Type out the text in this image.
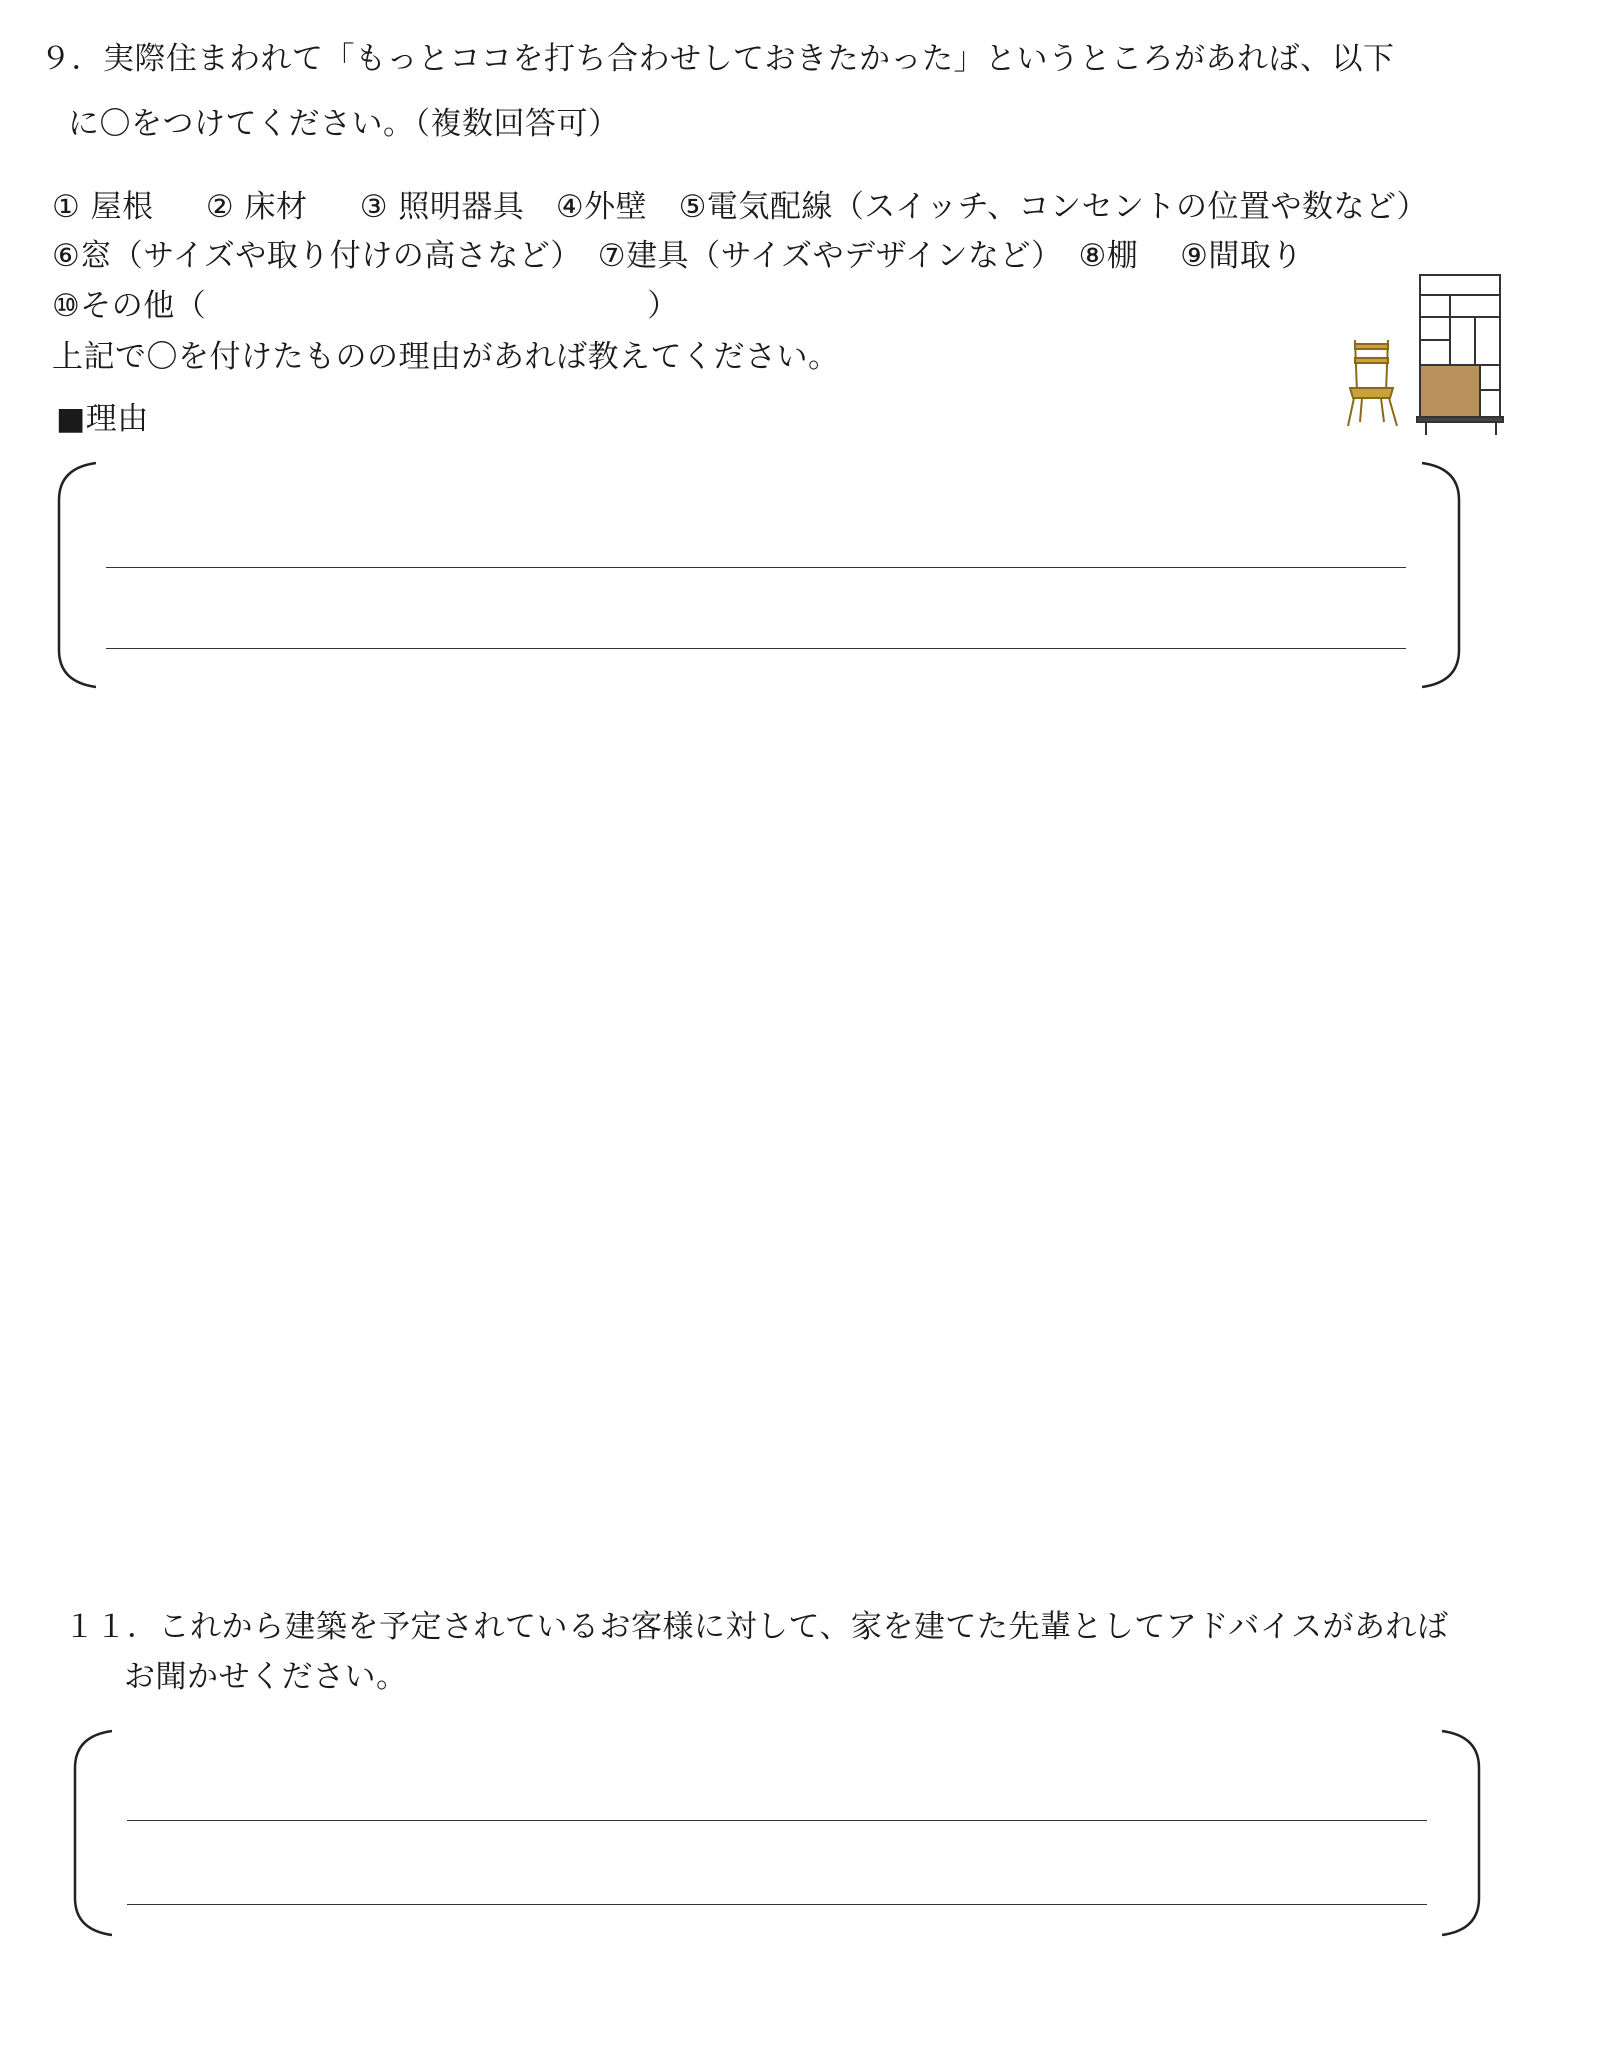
９．実際住まわれて「もっとココを打ち合わせしておきたかった」というところがあれば、以下
に〇をつけてください。（複数回答可）
① 屋根 　 ② 床材 　 ③ 照明器具　④外壁　⑤電気配線（スイッチ、コンセントの位置や数など）
⑥窓（サイズや取り付けの高さなど）　⑦建具（サイズやデザインなど）　⑧棚　 ⑨間取り
⑩その他（　　　　　　　　　　　　　　）
上記で〇を付けたものの理由があれば教えてください。
■理由
１１．これから建築を予定されているお客様に対して、家を建てた先輩としてアドバイスがあれば
お聞かせください。
